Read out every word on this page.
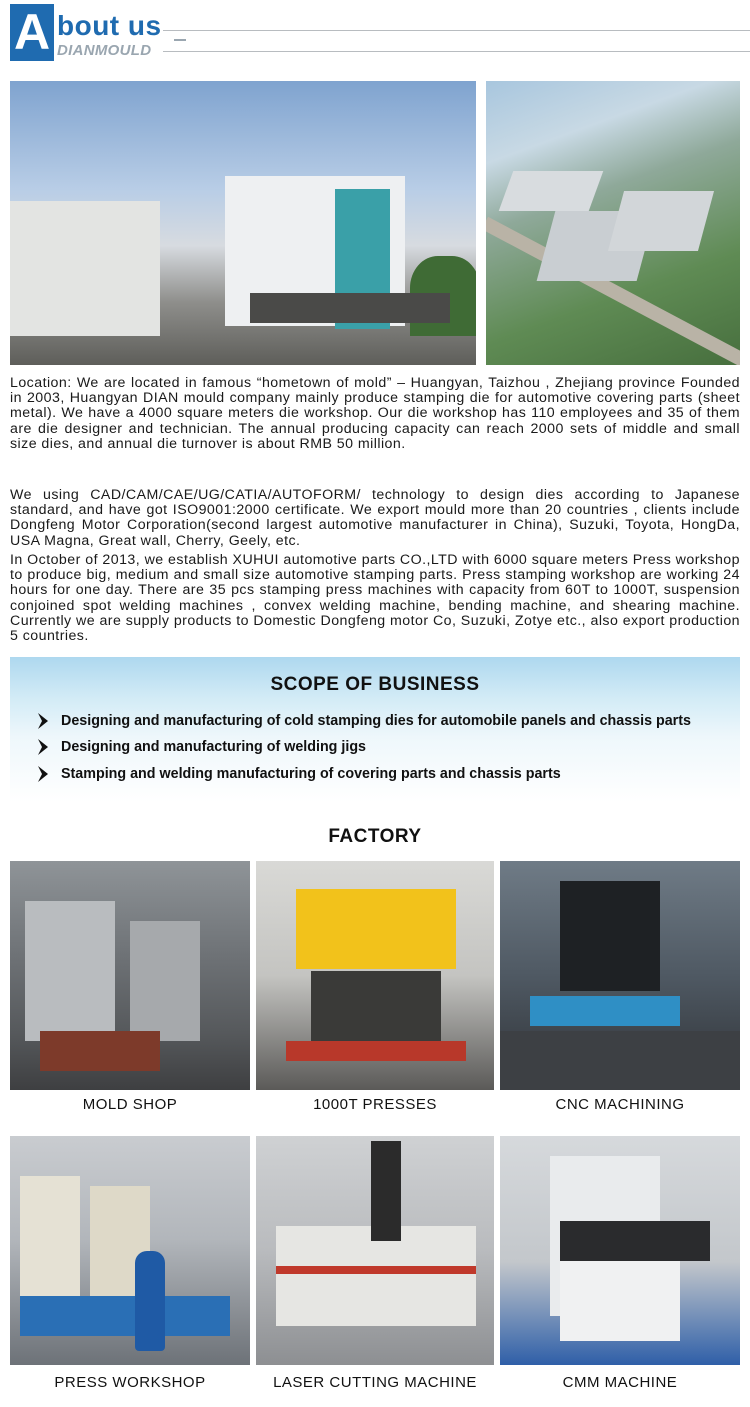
A bout us
DIANMOULD
Location: We are located in famous “hometown of mold” – Huangyan, Taizhou , Zhejiang province Founded in 2003, Huangyan DIAN mould company mainly produce stamping die for automotive covering parts (sheet metal). We have a 4000 square meters die workshop. Our die workshop has 110 employees and 35 of them are die designer and technician. The annual producing capacity can reach 2000 sets of middle and small size dies, and annual die turnover is about RMB 50 million.
We using CAD/CAM/CAE/UG/CATIA/AUTOFORM/ technology to design dies according to Japanese standard, and have got ISO9001:2000 certificate. We export mould more than 20 countries , clients include Dongfeng Motor Corporation(second largest automotive manufacturer in China), Suzuki, Toyota, HongDa, USA Magna, Great wall, Cherry, Geely, etc.
In October of 2013, we establish XUHUI automotive parts CO.,LTD with 6000 square meters Press workshop to produce big, medium and small size automotive stamping parts. Press stamping workshop are working 24 hours for one day. There are 35 pcs stamping press machines with capacity from 60T to 1000T, suspension conjoined spot welding machines , convex welding machine, bending machine, and shearing machine. Currently we are supply products to Domestic Dongfeng motor Co, Suzuki, Zotye etc., also export production 5 countries.
SCOPE OF BUSINESS
Designing and manufacturing of cold stamping dies for automobile panels and chassis parts
Designing and manufacturing of welding jigs
Stamping and welding manufacturing of covering parts and chassis parts
FACTORY
MOLD SHOP	1000T PRESSES	CNC MACHINING
PRESS WORKSHOP	LASER CUTTING MACHINE	CMM MACHINE
